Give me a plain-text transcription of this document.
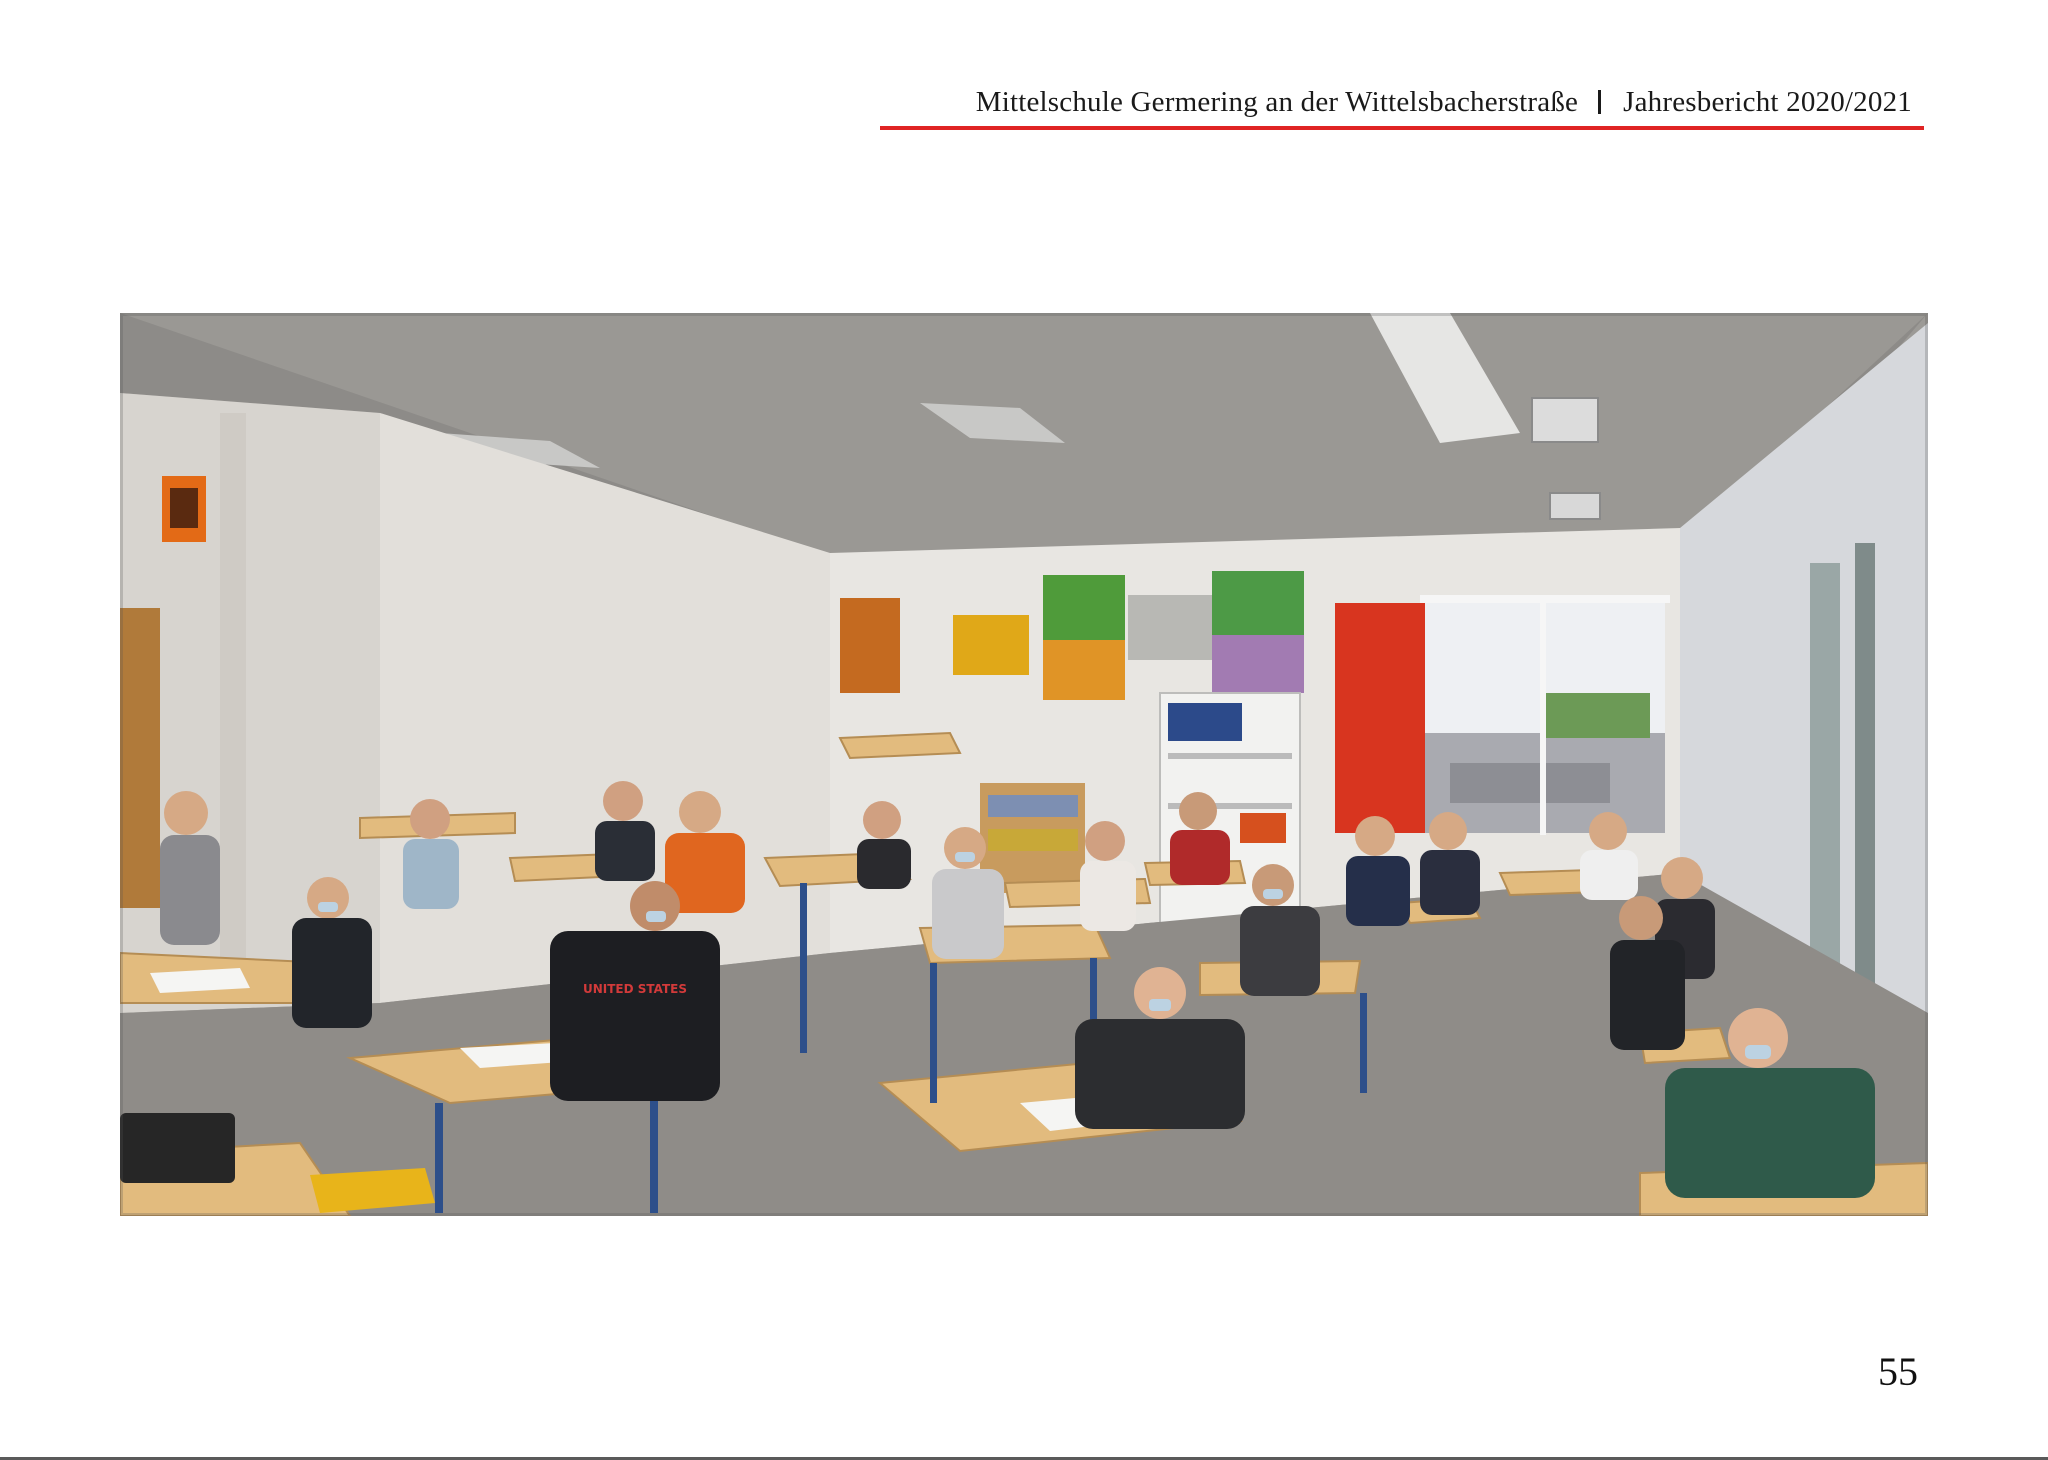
Mittelschule Germering an der Wittelsbacherstraße Jahresbericht 2020/2021
UNITED STATES
55
